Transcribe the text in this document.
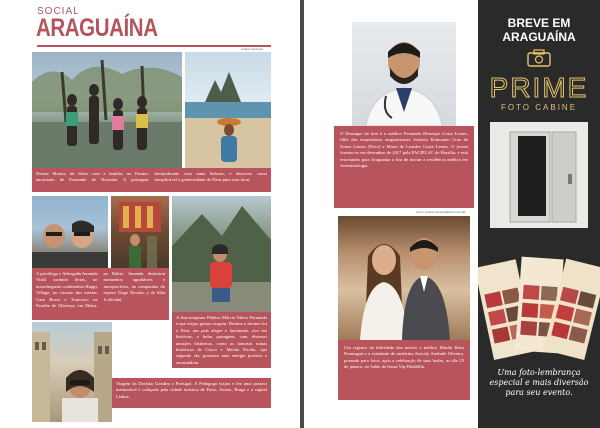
SOCIAL
ARAGUAÍNA
Arquivo Pessoal

Denise Morais, de férias com a família, no Paraíso encantado de Fernando de Noronha. A paisagem deslumbrante com tanto belezas, e descreve como inexplicável a generosidade de Deus para esse local.

A psicóloga e Advogada Amanda Vidal curtindo férias, no aconchegante condomínio Happy Village, no circuito dos mesmo Casa Brava e Trancoso, na Paraíba de Olivença, em Ilhéus, na Bahia. Amanda desfrutou momentos agradáveis e inesquecíveis, na companhia do esposo Tiago Nicolas, e da filha Lolóvidal.

A fisioterapeuta Pública Márcia Valero Fernando e que viajou gastou viagem. Destino o destino foi o Peru, um país alegre e fascinante, rico em histórias, e belas paisagens, com diversos atrações históricas, como as famosas ruínas históricas de Cusco e Machu Picchu, que segundo ela, possuem uma energia positiva e encantadora.

Viagem da Doriska Gondim a Portugal. A Pedagoga viajou e fez uma passeio memorável e cobiçado pela cidade turística de Porto, Aveiro, Braga e a capital Lisboa.

O Destaque da foto é o médico Fernando Henrique Costa Lemes, filho dos empresários araguainenses Antônio Raimundo Cruz de Souza Lemes (Neco) e Maria de Lourdes Costa Lemes. O jovem formou-se em dezembro de 2017 pela FACIPLAC de Brasília, e está retornando para Araguaína a fim de iniciar a residência médica em Anestesiologia.

Fotos: Arquivo Pessoal/Pedro Arruda

Um registro da felicidade dos noivos o médico Murilo Brito Paranaguá e a estudante de medicina Aracely Andrade Oliveira, posando para fotos, após a celebração de suas bodas, no dia 25 de janeiro, no Salão de festas Vip Filadélfia.

BREVE EM
ARAGUAÍNA
PRIME
FOTO CABINE
Uma foto-lembrança
especial e mais diversão
para seu evento.
